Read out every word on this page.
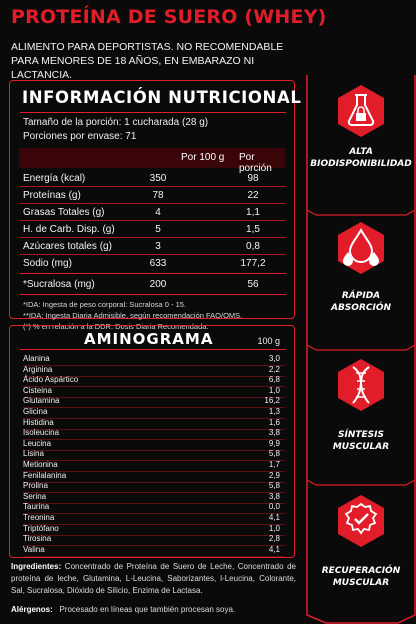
PROTEÍNA DE SUERO (WHEY)
ALIMENTO PARA DEPORTISTAS. NO RECOMENDABLE PARA MENORES DE 18 AÑOS, EN EMBARAZO NI LACTANCIA.
INFORMACIÓN NUTRICIONAL
Tamaño de la porción: 1 cucharada (28 g)
Porciones por envase: 71
Por 100 g Por porción
Energía (kcal)	350	98
Proteínas (g)	78	22
Grasas Totales (g)	4	1,1
H. de Carb. Disp. (g)	5	1,5
Azúcares totales (g)	3	0,8
Sodio (mg)	633	177,2
*Sucralosa (mg)	200	56
*IDA: Ingesta de peso corporal: Sucralosa 0 - 15.
**IDA: Ingesta Diaria Admisible, según recomendación FAO/OMS.
(*) % en relación a la DDR: Dosis Diaria Recomendada.
AMINOGRAMA	100 g
Alanina	3,0
Arginina	2,2
Ácido Aspártico	6,8
Cisteina	1,0
Glutamina	16,2
Glicina	1,3
Histidina	1,6
Isoleucina	3,8
Leucina	9,9
Lisina	5,8
Metionina	1,7
Fenilalanina	2,9
Prolina	5,8
Serina	3,8
Taurina	0,0
Treonina	4,1
Triptófano	1,0
Tirosina	2,8
Valina	4,1
Ingredientes: Concentrado de Proteína de Suero de Leche, Concentrado de proteína de leche, Glutamina, L-Leucina, Saborizantes, l-Leucina, Colorante, Sal, Sucralosa, Dióxido de Silicio, Enzima de Lactasa.
Alérgenos: Procesado en líneas que también procesan soya.
ALTA
BIODISPONIBILIDAD
RÁPIDA
ABSORCIÓN
SÍNTESIS
MUSCULAR
RECUPERACIÓN
MUSCULAR
